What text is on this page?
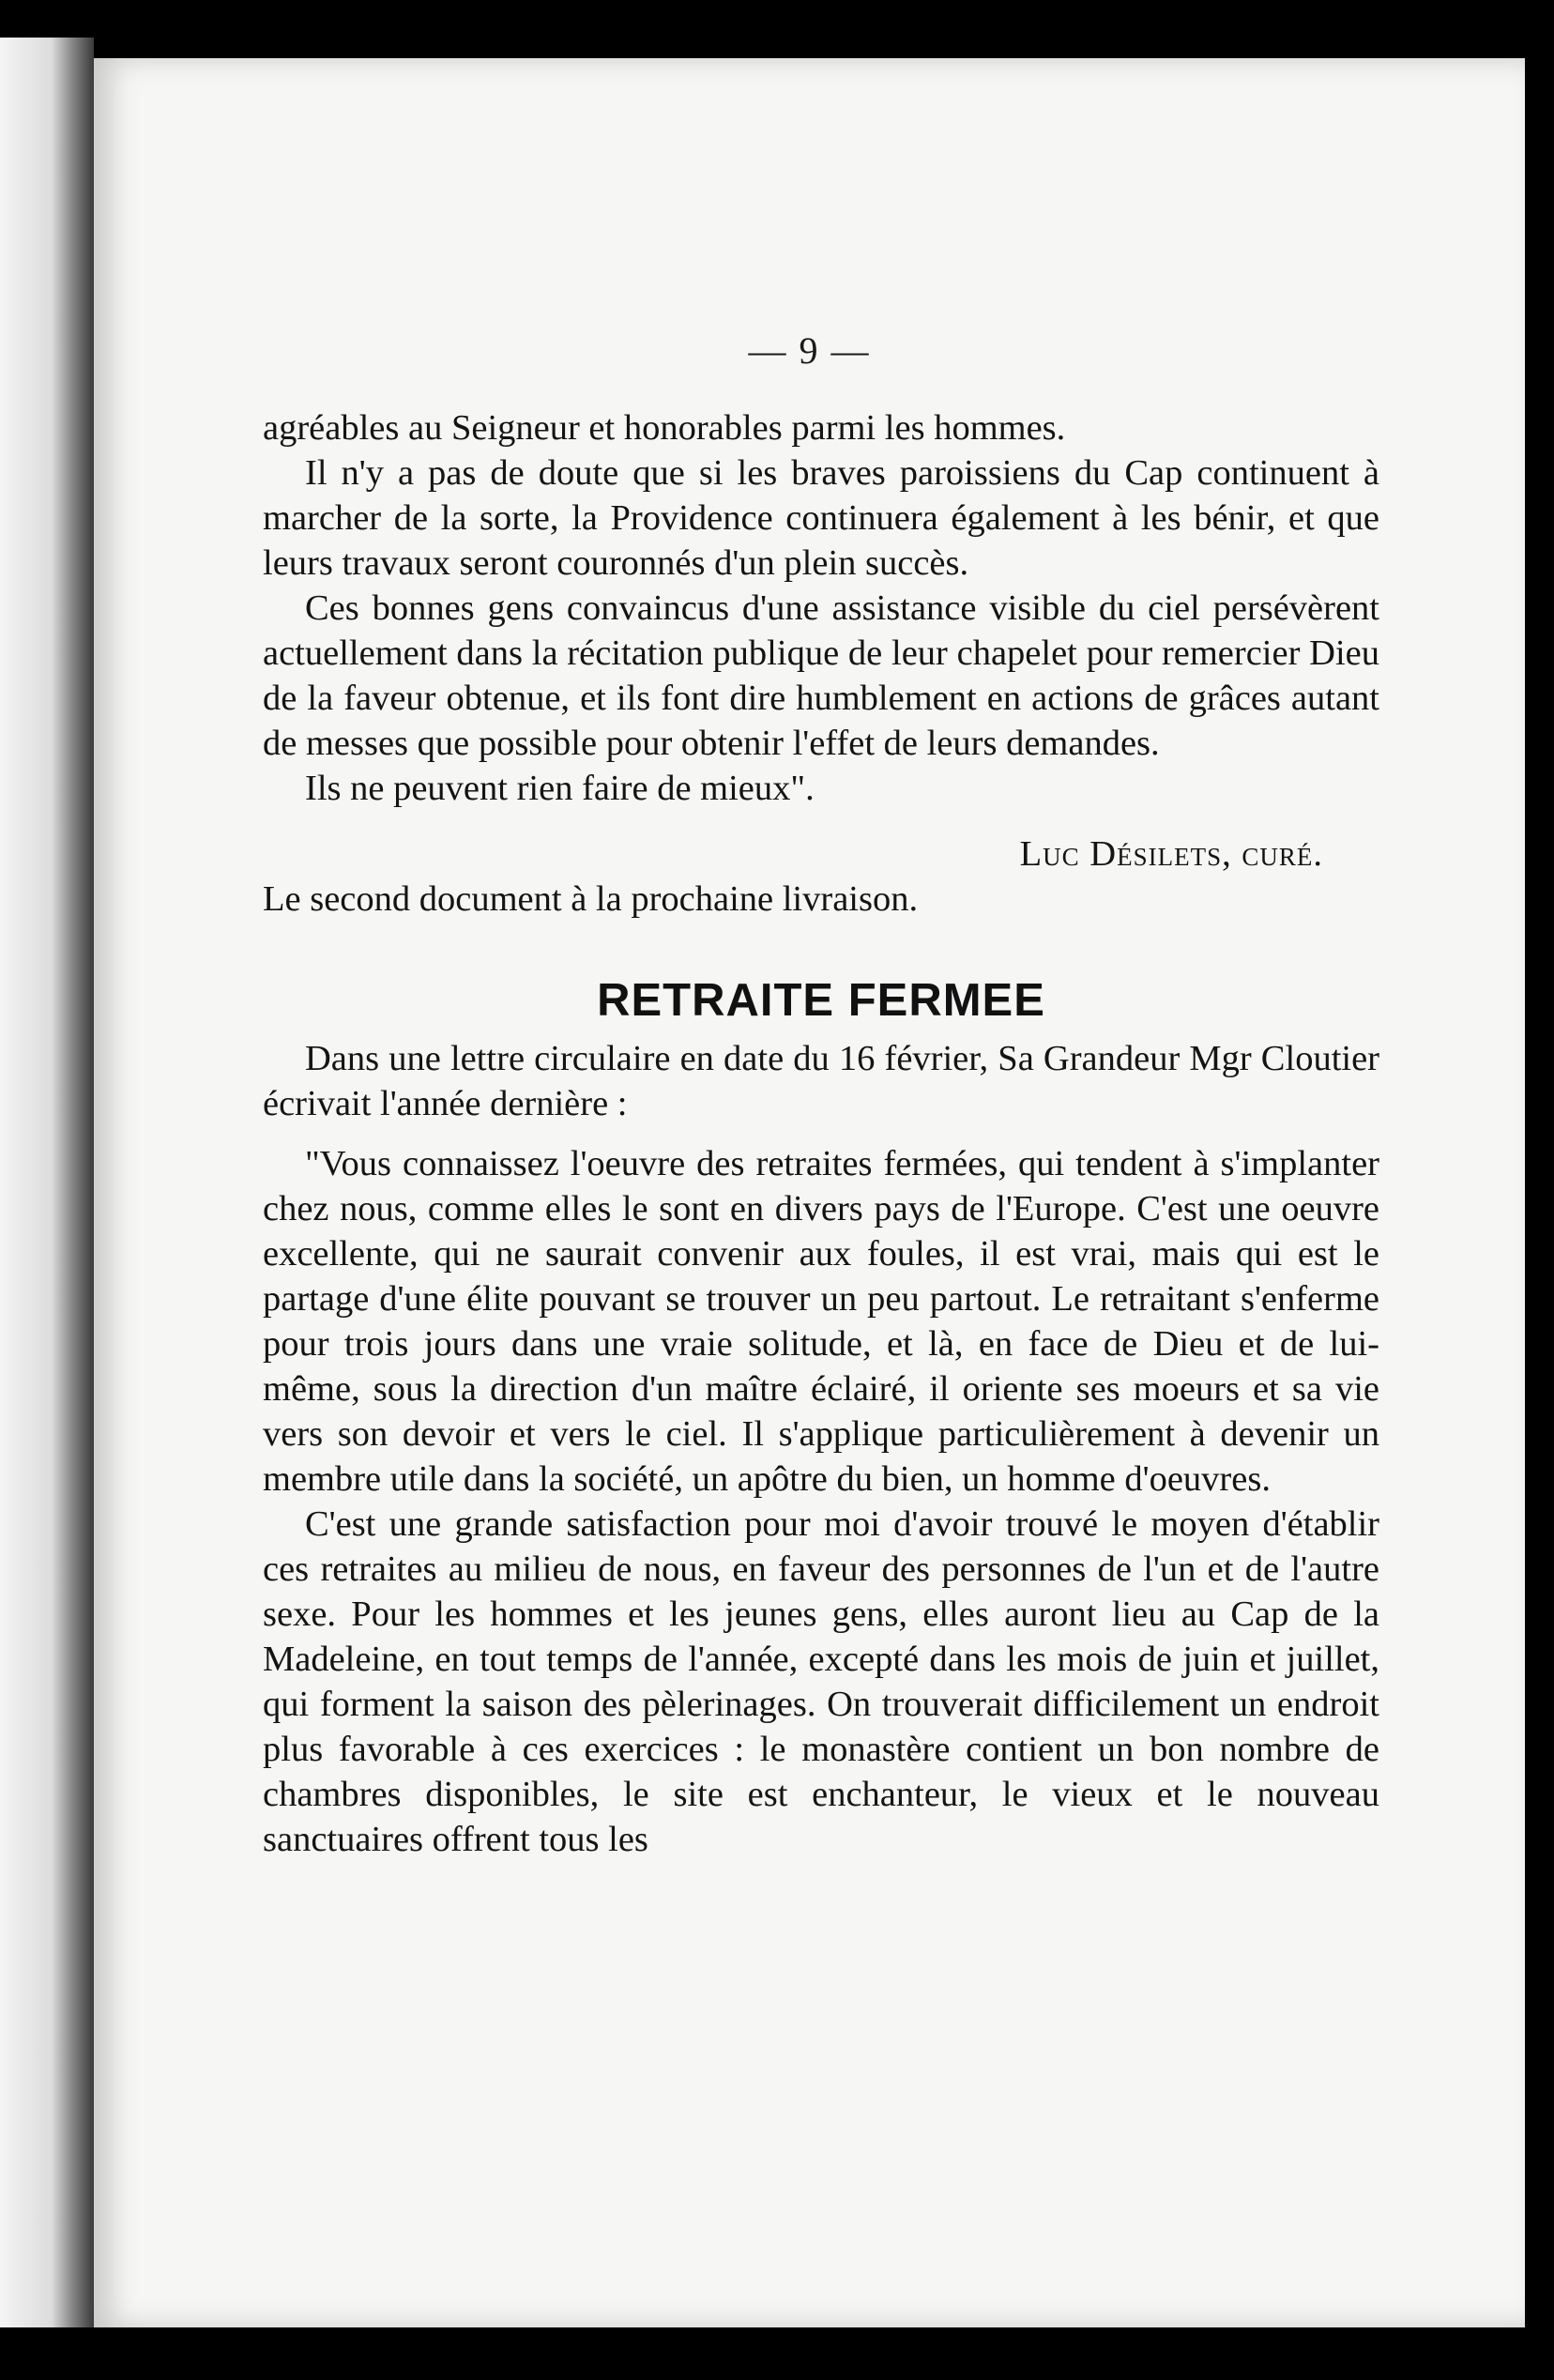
— 9 —

agréables au Seigneur et honorables parmi les hommes.

Il n'y a pas de doute que si les braves paroissiens du Cap continuent à marcher de la sorte, la Providence continuera également à les bénir, et que leurs travaux seront couronnés d'un plein succès.

Ces bonnes gens convaincus d'une assistance visible du ciel persévèrent actuellement dans la récitation publique de leur chapelet pour remercier Dieu de la faveur obtenue, et ils font dire humblement en actions de grâces autant de messes que possible pour obtenir l'effet de leurs demandes.

Ils ne peuvent rien faire de mieux".

Luc Désilets, curé.

Le second document à la prochaine livraison.

RETRAITE FERMEE

Dans une lettre circulaire en date du 16 février, Sa Grandeur Mgr Cloutier écrivait l'année dernière :

"Vous connaissez l'oeuvre des retraites fermées, qui tendent à s'implanter chez nous, comme elles le sont en divers pays de l'Europe. C'est une oeuvre excellente, qui ne saurait convenir aux foules, il est vrai, mais qui est le partage d'une élite pouvant se trouver un peu partout. Le retraitant s'enferme pour trois jours dans une vraie solitude, et là, en face de Dieu et de lui-même, sous la direction d'un maître éclairé, il oriente ses moeurs et sa vie vers son devoir et vers le ciel. Il s'applique particulièrement à devenir un membre utile dans la société, un apôtre du bien, un homme d'oeuvres.

C'est une grande satisfaction pour moi d'avoir trouvé le moyen d'établir ces retraites au milieu de nous, en faveur des personnes de l'un et de l'autre sexe. Pour les hommes et les jeunes gens, elles auront lieu au Cap de la Madeleine, en tout temps de l'année, excepté dans les mois de juin et juillet, qui forment la saison des pèlerinages. On trouverait difficilement un endroit plus favorable à ces exercices : le monastère contient un bon nombre de chambres disponibles, le site est enchanteur, le vieux et le nouveau sanctuaires offrent tous les
